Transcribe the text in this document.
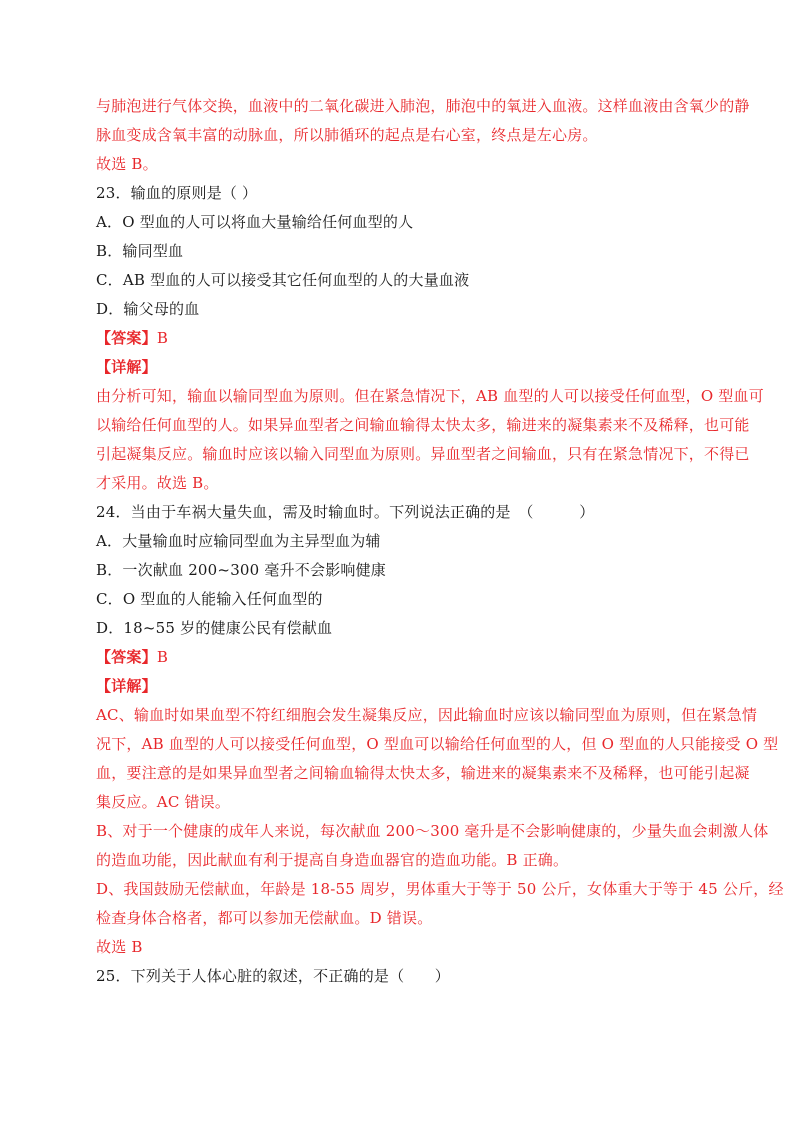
与肺泡进行气体交换，血液中的二氧化碳进入肺泡，肺泡中的氧进入血液。这样血液由含氧少的静
脉血变成含氧丰富的动脉血，所以肺循环的起点是右心室，终点是左心房。
故选 B。
23．输血的原则是（ ）
A．O 型血的人可以将血大量输给任何血型的人
B．输同型血
C．AB 型血的人可以接受其它任何血型的人的大量血液
D．输父母的血
【答案】B
【详解】
由分析可知，输血以输同型血为原则。但在紧急情况下，AB 血型的人可以接受任何血型，O 型血可
以输给任何血型的人。如果异血型者之间输血输得太快太多，输进来的凝集素来不及稀释，也可能
引起凝集反应。输血时应该以输入同型血为原则。异血型者之间输血，只有在紧急情况下，不得已
才采用。故选 B。
24．当由于车祸大量失血，需及时输血时。下列说法正确的是　（　　　）
A．大量输血时应输同型血为主异型血为辅
B．一次献血 200~300 毫升不会影响健康
C．O 型血的人能输入任何血型的
D．18~55 岁的健康公民有偿献血
【答案】B
【详解】
AC、输血时如果血型不符红细胞会发生凝集反应，因此输血时应该以输同型血为原则，但在紧急情
况下，AB 血型的人可以接受任何血型，O 型血可以输给任何血型的人，但 O 型血的人只能接受 O 型
血，要注意的是如果异血型者之间输血输得太快太多，输进来的凝集素来不及稀释，也可能引起凝
集反应。AC 错误。
B、对于一个健康的成年人来说，每次献血 200～300 毫升是不会影响健康的，少量失血会刺激人体
的造血功能，因此献血有利于提高自身造血器官的造血功能。B 正确。
D、我国鼓励无偿献血，年龄是 18-55 周岁，男体重大于等于 50 公斤，女体重大于等于 45 公斤，经
检查身体合格者，都可以参加无偿献血。D 错误。
故选 B
25．下列关于人体心脏的叙述，不正确的是（　　）
